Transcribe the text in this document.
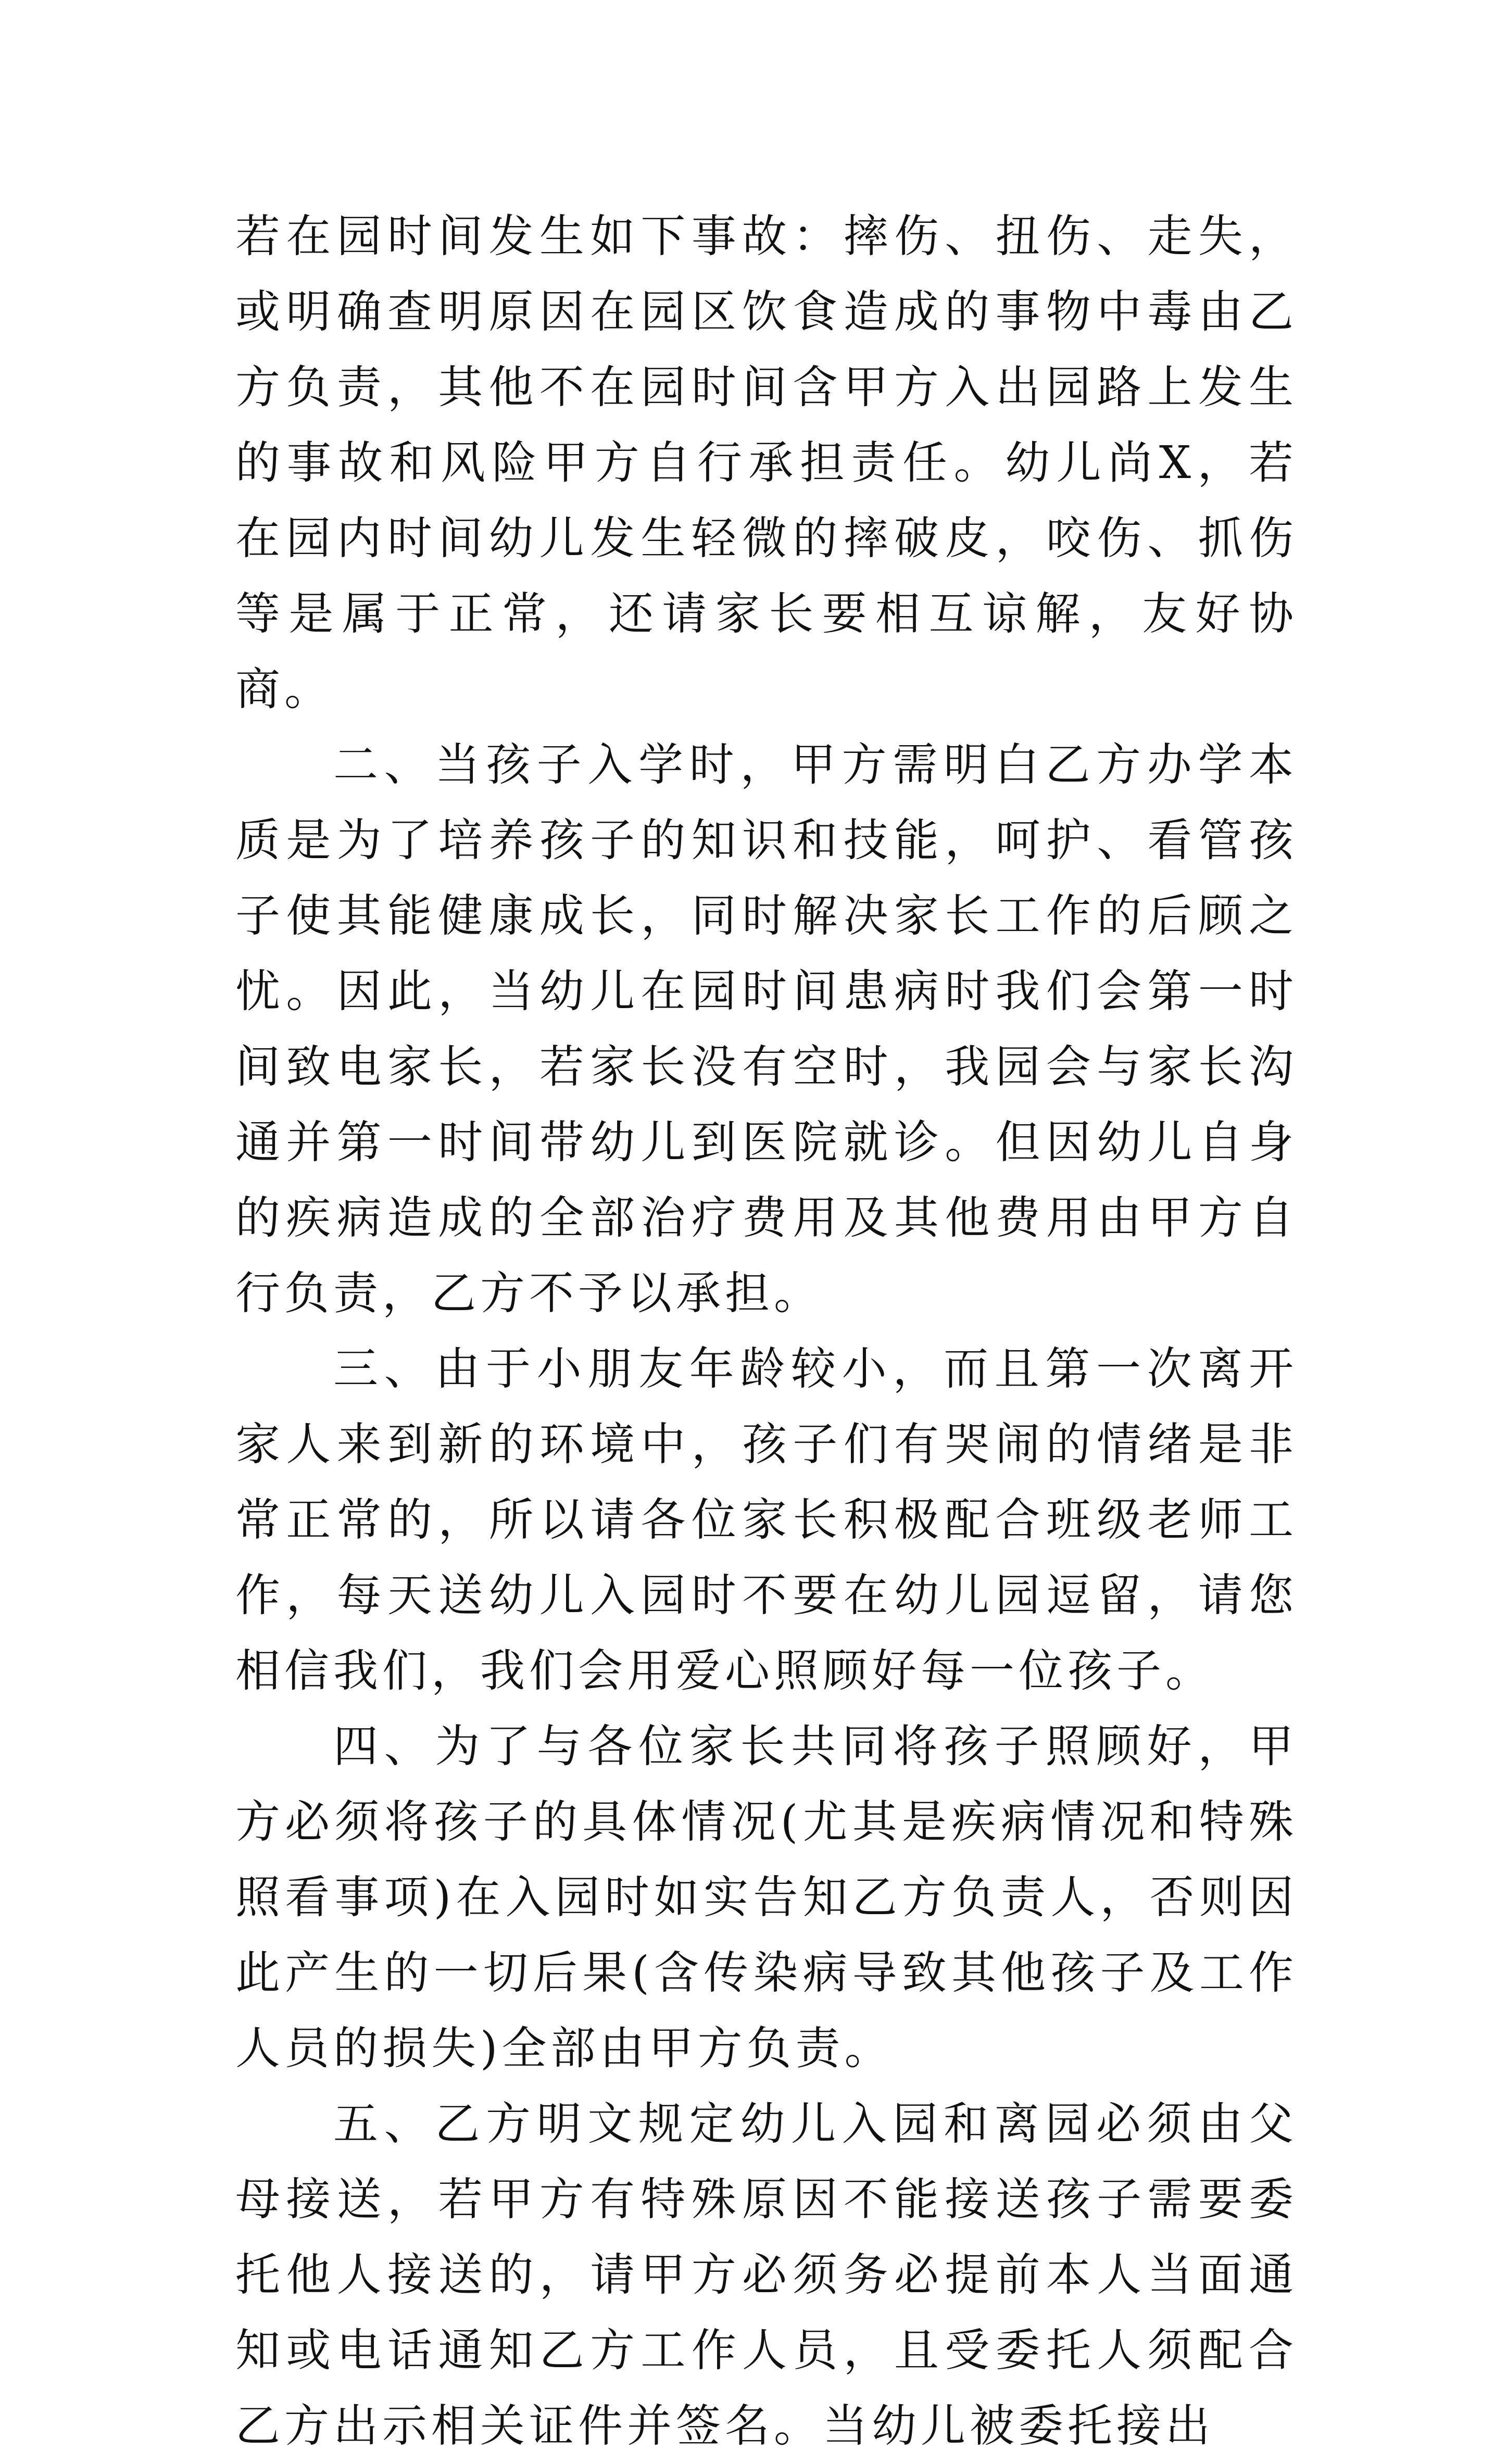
若在园时间发生如下事故：摔伤、扭伤、走失，或明确查明原因在园区饮食造成的事物中毒由乙方负责，其他不在园时间含甲方入出园路上发生的事故和风险甲方自行承担责任。幼儿尚X，若在园内时间幼儿发生轻微的摔破皮，咬伤、抓伤等是属于正常，还请家长要相互谅解，友好协商。

二、当孩子入学时，甲方需明白乙方办学本质是为了培养孩子的知识和技能，呵护、看管孩子使其能健康成长，同时解决家长工作的后顾之忧。因此，当幼儿在园时间患病时我们会第一时间致电家长，若家长没有空时，我园会与家长沟通并第一时间带幼儿到医院就诊。但因幼儿自身的疾病造成的全部治疗费用及其他费用由甲方自行负责，乙方不予以承担。

三、由于小朋友年龄较小，而且第一次离开家人来到新的环境中，孩子们有哭闹的情绪是非常正常的，所以请各位家长积极配合班级老师工作，每天送幼儿入园时不要在幼儿园逗留，请您相信我们，我们会用爱心照顾好每一位孩子。

四、为了与各位家长共同将孩子照顾好，甲方必须将孩子的具体情况(尤其是疾病情况和特殊照看事项)在入园时如实告知乙方负责人，否则因此产生的一切后果(含传染病导致其他孩子及工作人员的损失)全部由甲方负责。

五、乙方明文规定幼儿入园和离园必须由父母接送，若甲方有特殊原因不能接送孩子需要委托他人接送的，请甲方必须务必提前本人当面通知或电话通知乙方工作人员，且受委托人须配合乙方出示相关证件并签名。当幼儿被委托接出
